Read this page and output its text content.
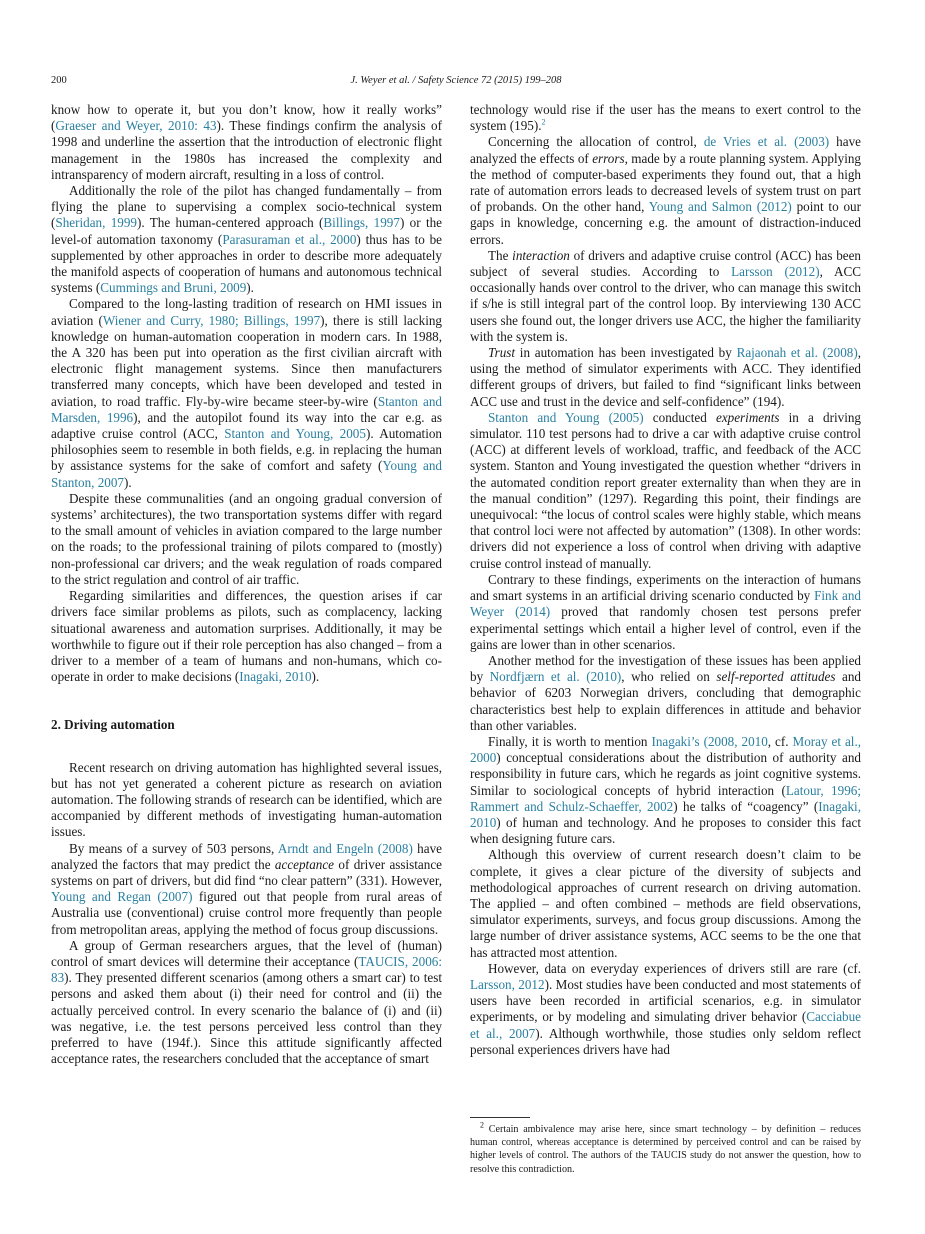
200	J. Weyer et al. / Safety Science 72 (2015) 199–208

know how to operate it, but you don’t know, how it really works” (Graeser and Weyer, 2010: 43). These findings confirm the analysis of 1998 and underline the assertion that the introduction of electronic flight management in the 1980s has increased the complexity and intransparency of modern aircraft, resulting in a loss of control.

Additionally the role of the pilot has changed fundamentally – from flying the plane to supervising a complex socio-technical system (Sheridan, 1999). The human-centered approach (Billings, 1997) or the level-of automation taxonomy (Parasuraman et al., 2000) thus has to be supplemented by other approaches in order to describe more adequately the manifold aspects of cooperation of humans and autonomous technical systems (Cummings and Bruni, 2009).

Compared to the long-lasting tradition of research on HMI issues in aviation (Wiener and Curry, 1980; Billings, 1997), there is still lacking knowledge on human-automation cooperation in modern cars. In 1988, the A 320 has been put into operation as the first civilian aircraft with electronic flight management systems. Since then manufacturers transferred many concepts, which have been developed and tested in aviation, to road traffic. Fly-by-wire became steer-by-wire (Stanton and Marsden, 1996), and the autopilot found its way into the car e.g. as adaptive cruise control (ACC, Stanton and Young, 2005). Automation philosophies seem to resemble in both fields, e.g. in replacing the human by assistance systems for the sake of comfort and safety (Young and Stanton, 2007).

Despite these communalities (and an ongoing gradual conversion of systems’ architectures), the two transportation systems differ with regard to the small amount of vehicles in aviation compared to the large number on the roads; to the professional training of pilots compared to (mostly) non-professional car drivers; and the weak regulation of roads compared to the strict regulation and control of air traffic.

Regarding similarities and differences, the question arises if car drivers face similar problems as pilots, such as complacency, lacking situational awareness and automation surprises. Additionally, it may be worthwhile to figure out if their role perception has also changed – from a driver to a member of a team of humans and non-humans, which co-operate in order to make decisions (Inagaki, 2010).

2. Driving automation

Recent research on driving automation has highlighted several issues, but has not yet generated a coherent picture as research on aviation automation. The following strands of research can be identified, which are accompanied by different methods of investigating human-automation issues.

By means of a survey of 503 persons, Arndt and Engeln (2008) have analyzed the factors that may predict the acceptance of driver assistance systems on part of drivers, but did find “no clear pattern” (331). However, Young and Regan (2007) figured out that people from rural areas of Australia use (conventional) cruise control more frequently than people from metropolitan areas, applying the method of focus group discussions.

A group of German researchers argues, that the level of (human) control of smart devices will determine their acceptance (TAUCIS, 2006: 83). They presented different scenarios (among others a smart car) to test persons and asked them about (i) their need for control and (ii) the actually perceived control. In every scenario the balance of (i) and (ii) was negative, i.e. the test persons perceived less control than they preferred to have (194f.). Since this attitude significantly affected acceptance rates, the researchers concluded that the acceptance of smart

technology would rise if the user has the means to exert control to the system (195).$^2$

Concerning the allocation of control, de Vries et al. (2003) have analyzed the effects of errors, made by a route planning system. Applying the method of computer-based experiments they found out, that a high rate of automation errors leads to decreased levels of system trust on part of probands. On the other hand, Young and Salmon (2012) point to our gaps in knowledge, concerning e.g. the amount of distraction-induced errors.

The interaction of drivers and adaptive cruise control (ACC) has been subject of several studies. According to Larsson (2012), ACC occasionally hands over control to the driver, who can manage this switch if s/he is still integral part of the control loop. By interviewing 130 ACC users she found out, the longer drivers use ACC, the higher the familiarity with the system is.

Trust in automation has been investigated by Rajaonah et al. (2008), using the method of simulator experiments with ACC. They identified different groups of drivers, but failed to find “significant links between ACC use and trust in the device and self-confidence” (194).

Stanton and Young (2005) conducted experiments in a driving simulator. 110 test persons had to drive a car with adaptive cruise control (ACC) at different levels of workload, traffic, and feedback of the ACC system. Stanton and Young investigated the question whether “drivers in the automated condition report greater externality than when they are in the manual condition” (1297). Regarding this point, their findings are unequivocal: “the locus of control scales were highly stable, which means that control loci were not affected by automation” (1308). In other words: drivers did not experience a loss of control when driving with adaptive cruise control instead of manually.

Contrary to these findings, experiments on the interaction of humans and smart systems in an artificial driving scenario conducted by Fink and Weyer (2014) proved that randomly chosen test persons prefer experimental settings which entail a higher level of control, even if the gains are lower than in other scenarios.

Another method for the investigation of these issues has been applied by Nordfjærn et al. (2010), who relied on self-reported attitudes and behavior of 6203 Norwegian drivers, concluding that demographic characteristics best help to explain differences in attitude and behavior than other variables.

Finally, it is worth to mention Inagaki’s (2008, 2010, cf. Moray et al., 2000) conceptual considerations about the distribution of authority and responsibility in future cars, which he regards as joint cognitive systems. Similar to sociological concepts of hybrid interaction (Latour, 1996; Rammert and Schulz-Schaeffer, 2002) he talks of “coagency” (Inagaki, 2010) of human and technology. And he proposes to consider this fact when designing future cars.

Although this overview of current research doesn’t claim to be complete, it gives a clear picture of the diversity of subjects and methodological approaches of current research on driving automation. The applied – and often combined – methods are field observations, simulator experiments, surveys, and focus group discussions. Among the large number of driver assistance systems, ACC seems to be the one that has attracted most attention.

However, data on everyday experiences of drivers still are rare (cf. Larsson, 2012). Most studies have been conducted and most statements of users have been recorded in artificial scenarios, e.g. in simulator experiments, or by modeling and simulating driver behavior (Cacciabue et al., 2007). Although worthwhile, those studies only seldom reflect personal experiences drivers have had

$^2$ Certain ambivalence may arise here, since smart technology – by definition – reduces human control, whereas acceptance is determined by perceived control and can be raised by higher levels of control. The authors of the TAUCIS study do not answer the question, how to resolve this contradiction.
